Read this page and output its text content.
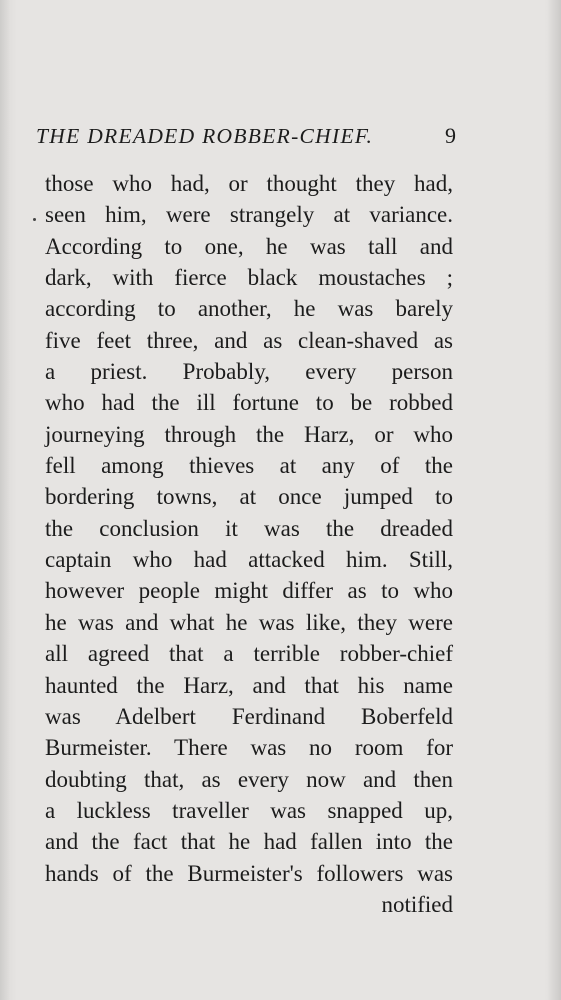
THE DREADED ROBBER-CHIEF.	9
those who had, or thought they had,
seen him, were strangely at variance.
According to one, he was tall and
dark, with fierce black moustaches ;
according to another, he was barely
five feet three, and as clean-shaved as
a priest. Probably, every person
who had the ill fortune to be robbed
journeying through the Harz, or who
fell among thieves at any of the
bordering towns, at once jumped to
the conclusion it was the dreaded
captain who had attacked him. Still,
however people might differ as to who
he was and what he was like, they were
all agreed that a terrible robber-chief
haunted the Harz, and that his name
was Adelbert Ferdinand Boberfeld
Burmeister. There was no room for
doubting that, as every now and then
a luckless traveller was snapped up,
and the fact that he had fallen into the
hands of the Burmeister's followers was
notified
